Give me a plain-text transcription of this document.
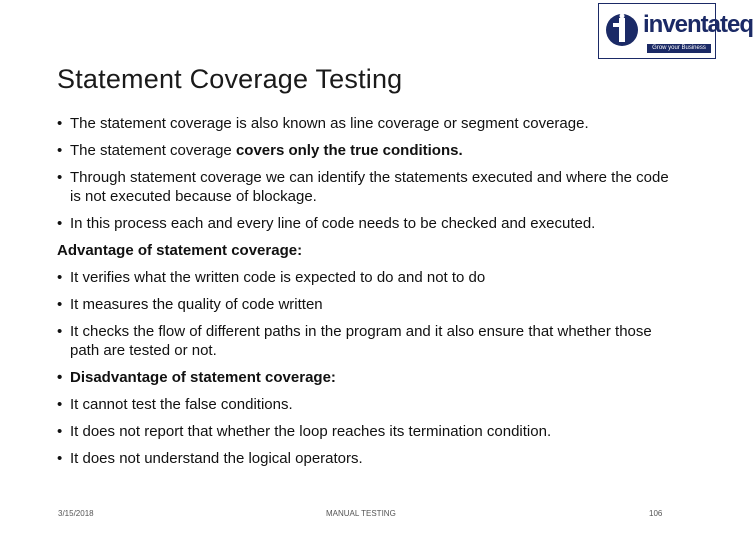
inventateq
Grow your Business Online
Statement Coverage Testing
• The statement coverage is also known as line coverage or segment coverage.
• The statement coverage covers only the true conditions.
• Through statement coverage we can identify the statements executed and where the code is not executed because of blockage.
• In this process each and every line of code needs to be checked and executed.
Advantage of statement coverage:
• It verifies what the written code is expected to do and not to do
• It measures the quality of code written
• It checks the flow of different paths in the program and it also ensure that whether those path are tested or not.
• Disadvantage of statement coverage:
• It cannot test the false conditions.
• It does not report that whether the loop reaches its termination condition.
• It does not understand the logical operators.
3/15/2018	MANUAL TESTING	106
